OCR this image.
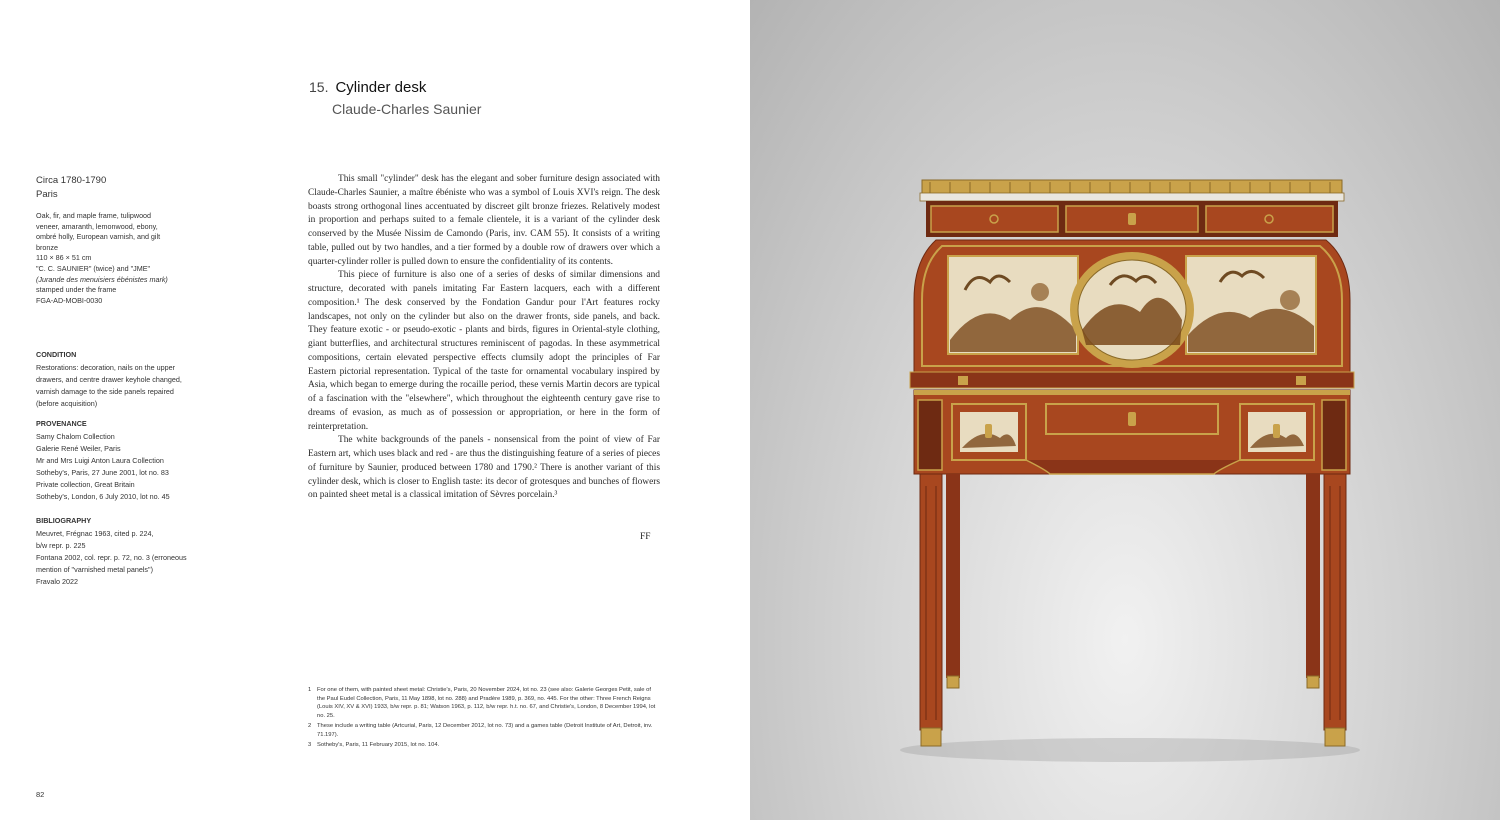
15. Cylinder desk
Claude-Charles Saunier
Circa 1780-1790
Paris
Oak, fir, and maple frame, tulipwood
veneer, amaranth, lemonwood, ebony,
ombré holly, European varnish, and gilt
bronze
110 × 86 × 51 cm
"C. C. SAUNIER" (twice) and "JME"
(Jurande des menuisiers ébénistes mark)
stamped under the frame
FGA-AD-MOBI-0030
CONDITION
Restorations: decoration, nails on the upper
drawers, and centre drawer keyhole changed,
varnish damage to the side panels repaired
(before acquisition)
PROVENANCE
Samy Chalom Collection
Galerie René Weiler, Paris
Mr and Mrs Luigi Anton Laura Collection
Sotheby's, Paris, 27 June 2001, lot no. 83
Private collection, Great Britain
Sotheby's, London, 6 July 2010, lot no. 45
BIBLIOGRAPHY
Meuvret, Frégnac 1963, cited p. 224,
b/w repr. p. 225
Fontana 2002, col. repr. p. 72, no. 3 (erroneous
mention of "varnished metal panels")
Fravalo 2022

This small "cylinder" desk has the elegant and sober furniture design associated with Claude-Charles Saunier, a maître ébéniste who was a symbol of Louis XVI's reign. The desk boasts strong orthogonal lines accentuated by discreet gilt bronze friezes. Relatively modest in proportion and perhaps suited to a female clientele, it is a variant of the cylinder desk conserved by the Musée Nissim de Camondo (Paris, inv. CAM 55). It consists of a writing table, pulled out by two handles, and a tier formed by a double row of drawers over which a quarter-cylinder roller is pulled down to ensure the confidentiality of its contents.

This piece of furniture is also one of a series of desks of similar dimensions and structure, decorated with panels imitating Far Eastern lacquers, each with a different composition.¹ The desk conserved by the Fondation Gandur pour l'Art features rocky landscapes, not only on the cylinder but also on the drawer fronts, side panels, and back. They feature exotic - or pseudo-exotic - plants and birds, figures in Oriental-style clothing, giant butterflies, and architectural structures reminiscent of pagodas. In these asymmetrical compositions, certain elevated perspective effects clumsily adopt the principles of Far Eastern pictorial representation. Typical of the taste for ornamental vocabulary inspired by Asia, which began to emerge during the rocaille period, these vernis Martin decors are typical of a fascination with the "elsewhere", which throughout the eighteenth century gave rise to dreams of evasion, as much as of possession or appropriation, or here in the form of reinterpretation.

The white backgrounds of the panels - nonsensical from the point of view of Far Eastern art, which uses black and red - are thus the distinguishing feature of a series of pieces of furniture by Saunier, produced between 1780 and 1790.² There is another variant of this cylinder desk, which is closer to English taste: its decor of grotesques and bunches of flowers on painted sheet metal is a classical imitation of Sèvres porcelain.³

FF
1 For one of them, with painted sheet metal: Christie's, Paris, 20 November 2024, lot no. 23 (see also: Galerie Georges Petit, sale of the Paul Eudel Collection, Paris, 11 May 1898, lot no. 288) and Pradère 1989, p. 369, no. 445. For the other: Three French Reigns (Louis XIV, XV & XVI) 1933, b/w repr. p. 81; Watson 1963, p. 112, b/w repr. h.t. no. 67, and Christie's, London, 8 December 1994, lot no. 25.
2 These include a writing table (Artcurial, Paris, 12 December 2012, lot no. 73) and a games table (Detroit Institute of Art, Detroit, inv. 71.197).
3 Sotheby's, Paris, 11 February 2015, lot no. 104.
82
